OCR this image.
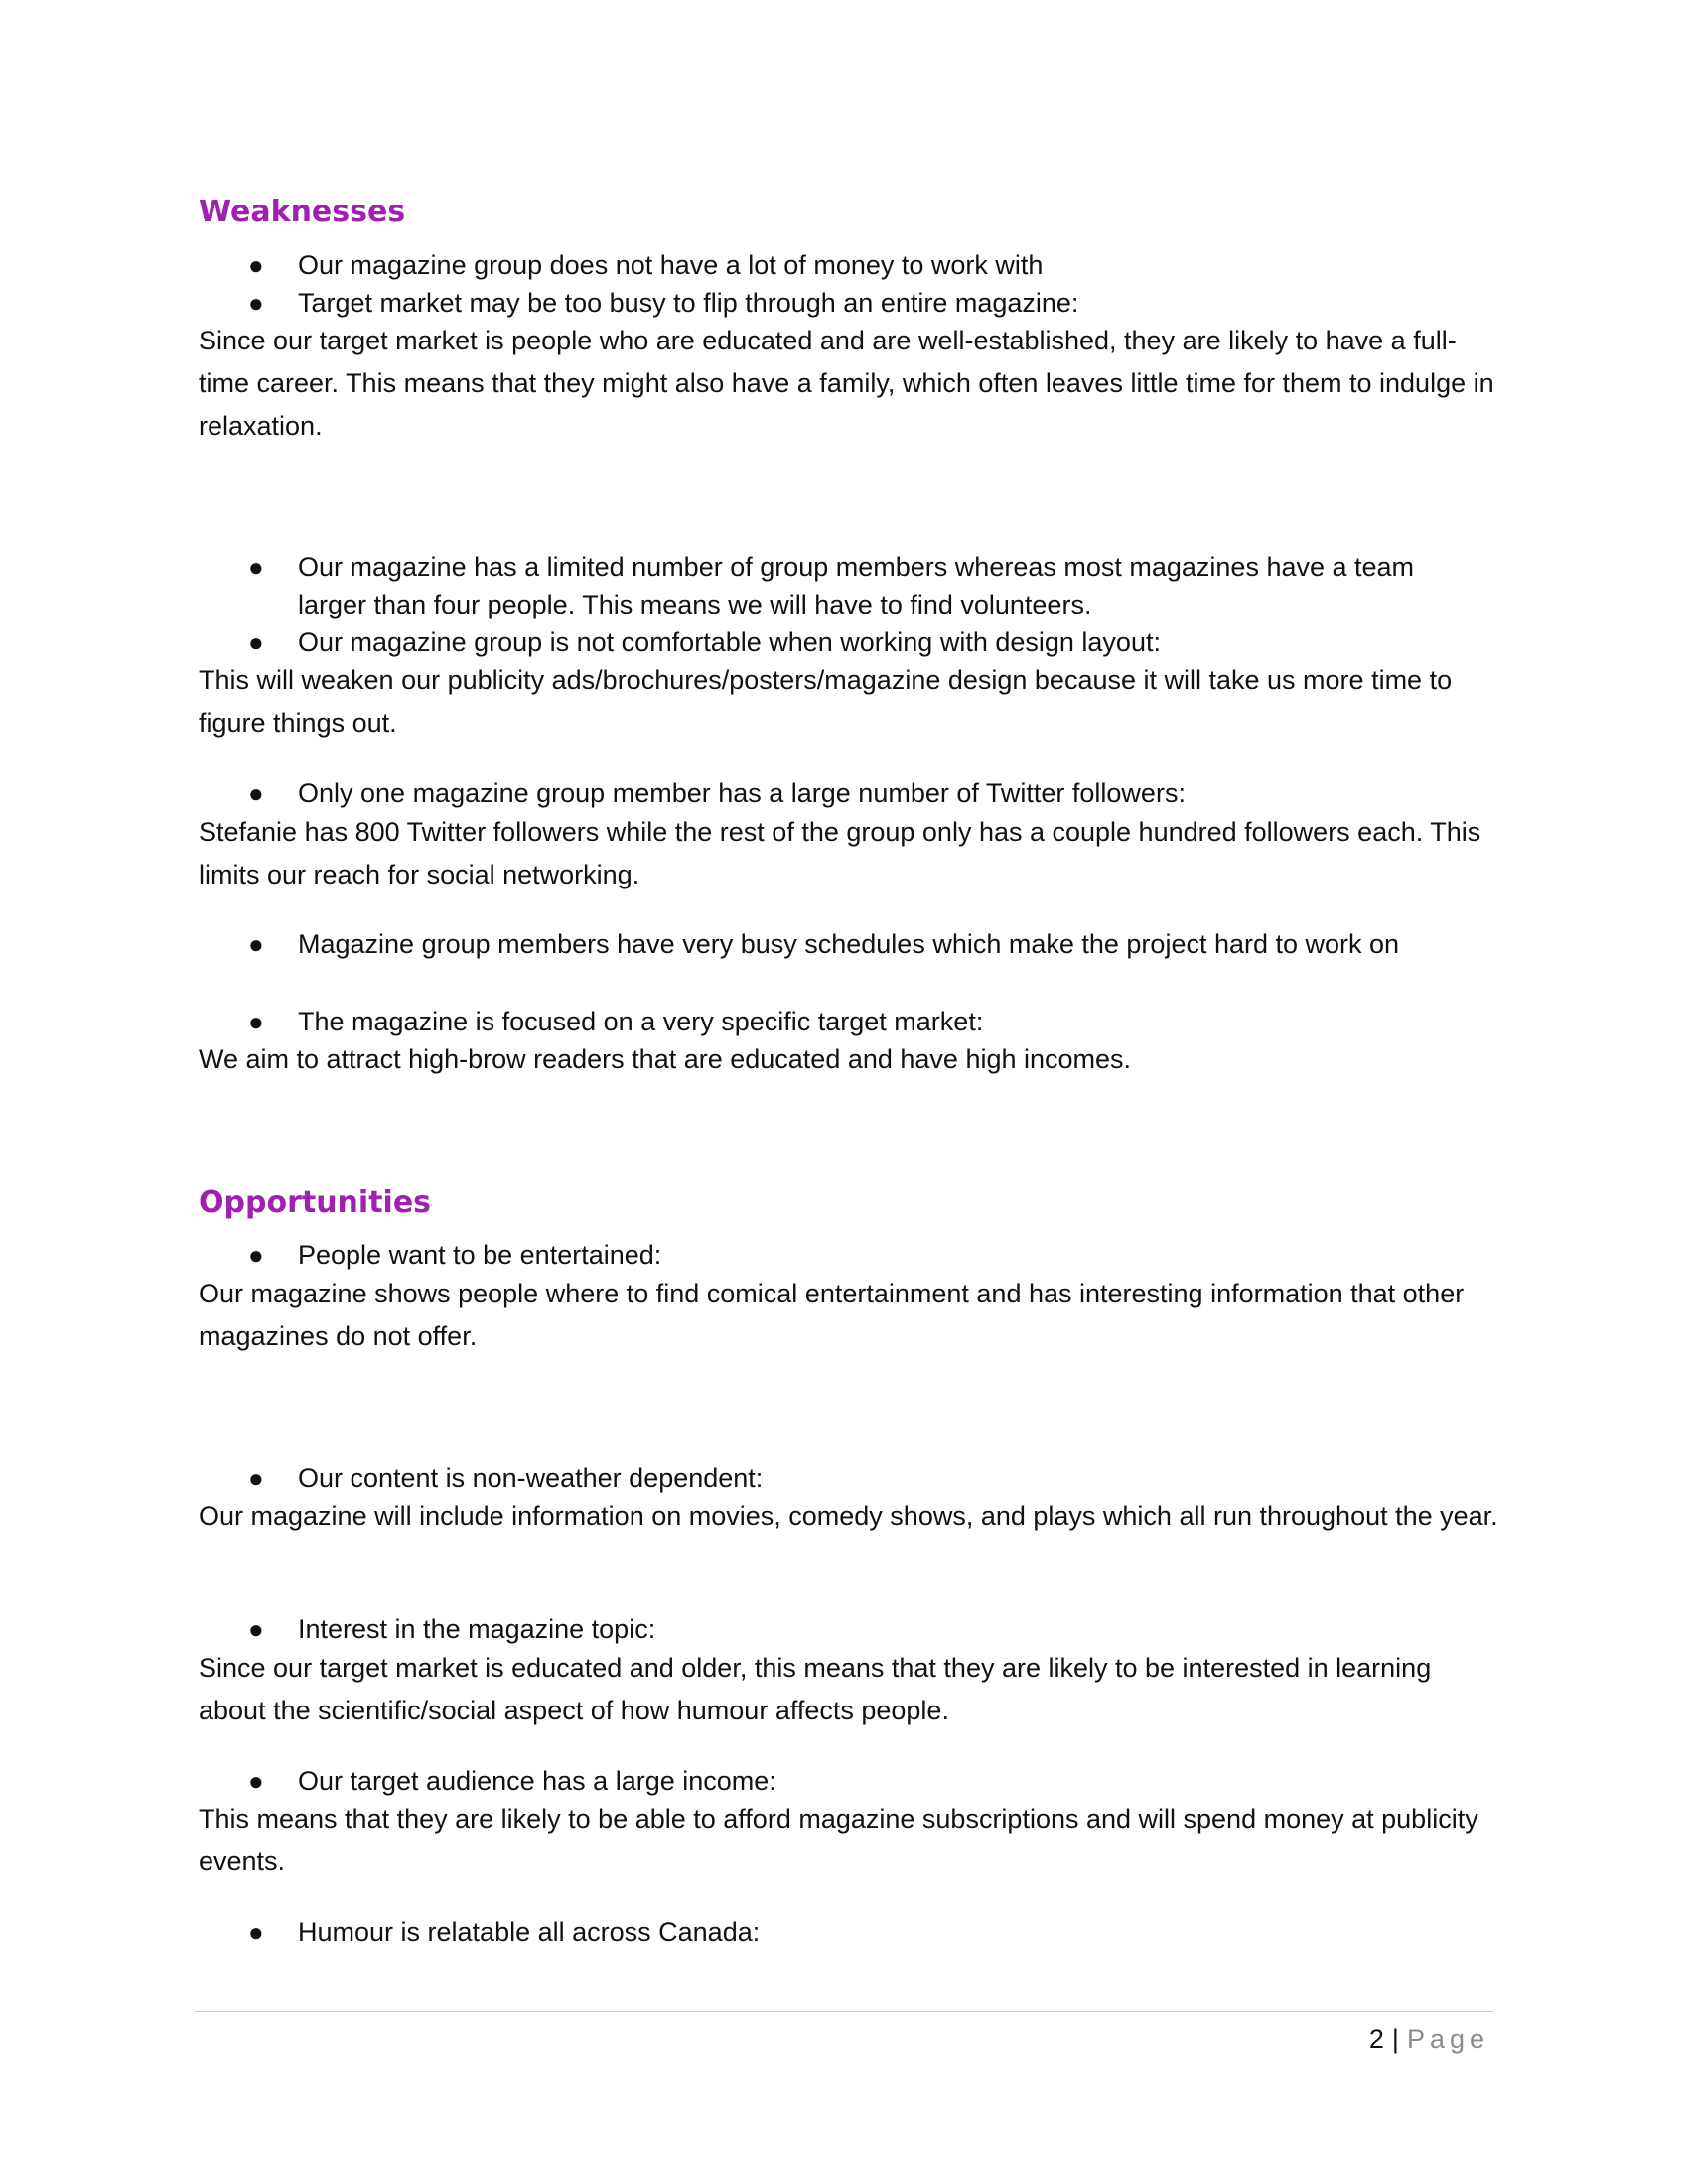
Weaknesses
●	Our magazine group does not have a lot of money to work with
●	Target market may be too busy to flip through an entire magazine:

Since our target market is people who are educated and are well-established, they are likely to have a full-time career. This means that they might also have a family, which often leaves little time for them to indulge in relaxation.

●	Our magazine has a limited number of group members whereas most magazines have a team
larger than four people. This means we will have to find volunteers.
●	Our magazine group is not comfortable when working with design layout:

This will weaken our publicity ads/brochures/posters/magazine design because it will take us more time to figure things out.

●	Only one magazine group member has a large number of Twitter followers:

Stefanie has 800 Twitter followers while the rest of the group only has a couple hundred followers each. This limits our reach for social networking.

●	Magazine group members have very busy schedules which make the project hard to work on
●	The magazine is focused on a very specific target market:

We aim to attract high-brow readers that are educated and have high incomes.

Opportunities
●	People want to be entertained:

Our magazine shows people where to find comical entertainment and has interesting information that other magazines do not offer.

●	Our content is non-weather dependent:

Our magazine will include information on movies, comedy shows, and plays which all run throughout the year.

●	Interest in the magazine topic:

Since our target market is educated and older, this means that they are likely to be interested in learning about the scientific/social aspect of how humour affects people.

●	Our target audience has a large income:

This means that they are likely to be able to afford magazine subscriptions and will spend money at publicity events.

●	Humour is relatable all across Canada:
2 | Page
